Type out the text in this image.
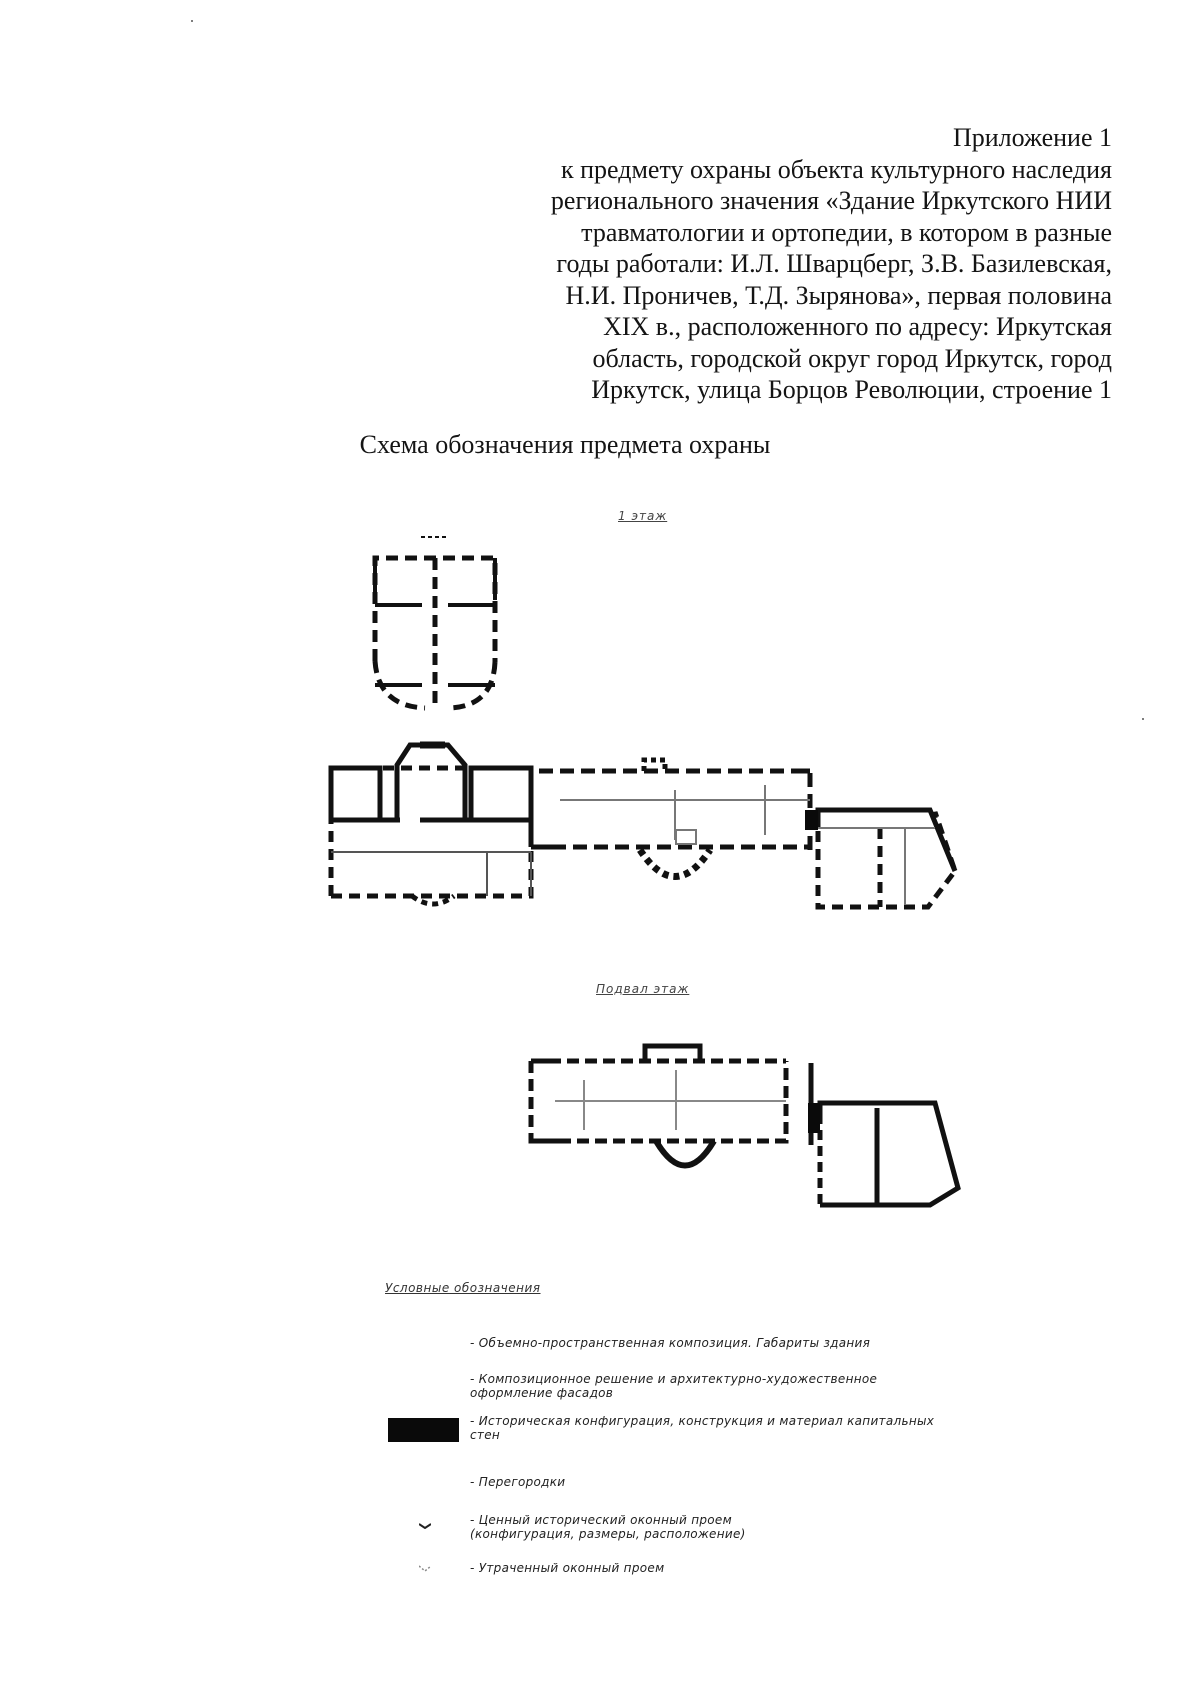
Приложение 1
к предмету охраны объекта культурного наследия
регионального значения «Здание Иркутского НИИ
травматологии и ортопедии, в котором в разные
годы работали: И.Л. Шварцберг, З.В. Базилевская,
Н.И. Проничев, Т.Д. Зырянова», первая половина
XIX в., расположенного по адресу: Иркутская
область, городской округ город Иркутск, город
Иркутск, улица Борцов Революции, строение 1
Схема обозначения предмета охраны
1 этаж
Подвал этаж
Условные обозначения
- Объемно-пространственная композиция. Габариты здания
- Композиционное решение и архитектурно-художественное оформление фасадов
- Историческая конфигурация, конструкция и материал капитальных стен
- Перегородки
- Ценный исторический оконный проем (конфигурация, размеры, расположение)
- Утраченный оконный проем
